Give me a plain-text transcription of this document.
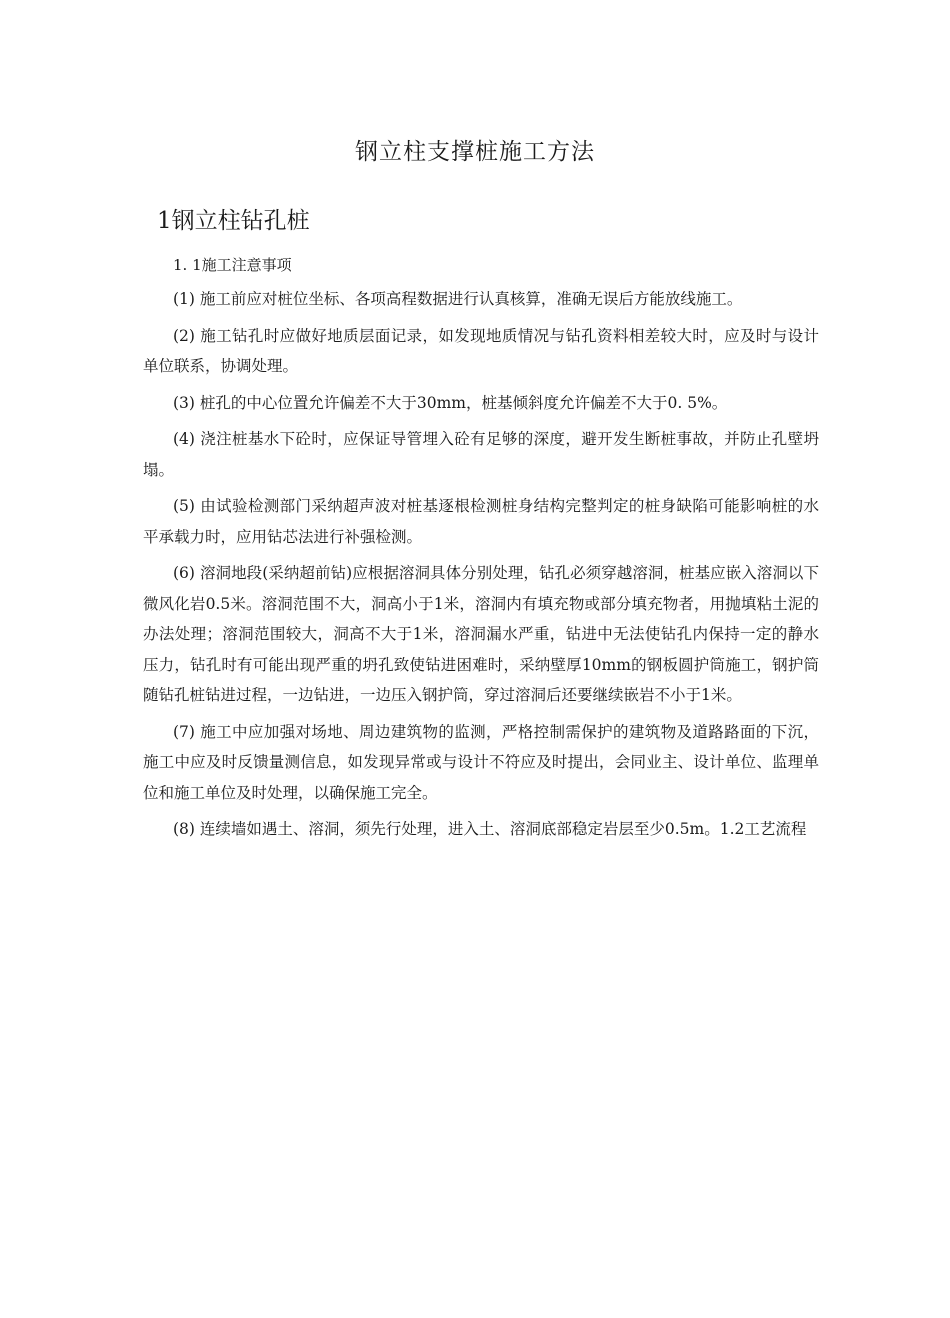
钢立柱支撑桩施工方法
1钢立柱钻孔桩
1. 1施工注意事项

(1) 施工前应对桩位坐标、各项高程数据进行认真核算，准确无误后方能放线施工。

(2) 施工钻孔时应做好地质层面记录，如发现地质情况与钻孔资料相差较大时，应及时与设计单位联系，协调处理。

(3) 桩孔的中心位置允许偏差不大于30mm，桩基倾斜度允许偏差不大于0. 5%。

(4) 浇注桩基水下砼时，应保证导管埋入砼有足够的深度，避开发生断桩事故，并防止孔壁坍塌。

(5) 由试验检测部门采纳超声波对桩基逐根检测桩身结构完整判定的桩身缺陷可能影响桩的水平承载力时，应用钻芯法进行补强检测。

(6) 溶洞地段(采纳超前钻)应根据溶洞具体分别处理，钻孔必须穿越溶洞，桩基应嵌入溶洞以下微风化岩0.5米。溶洞范围不大，洞高小于1米，溶洞内有填充物或部分填充物者，用抛填粘土泥的办法处理；溶洞范围较大，洞高不大于1米，溶洞漏水严重，钻进中无法使钻孔内保持一定的静水压力，钻孔时有可能出现严重的坍孔致使钻进困难时，采纳壁厚10mm的钢板圆护筒施工，钢护筒随钻孔桩钻进过程，一边钻进，一边压入钢护筒，穿过溶洞后还要继续嵌岩不小于1米。

(7) 施工中应加强对场地、周边建筑物的监测，严格控制需保护的建筑物及道路路面的下沉，施工中应及时反馈量测信息，如发现异常或与设计不符应及时提出，会同业主、设计单位、监理单位和施工单位及时处理，以确保施工完全。

(8) 连续墙如遇土、溶洞，须先行处理，进入土、溶洞底部稳定岩层至少0.5m。1.2工艺流程
